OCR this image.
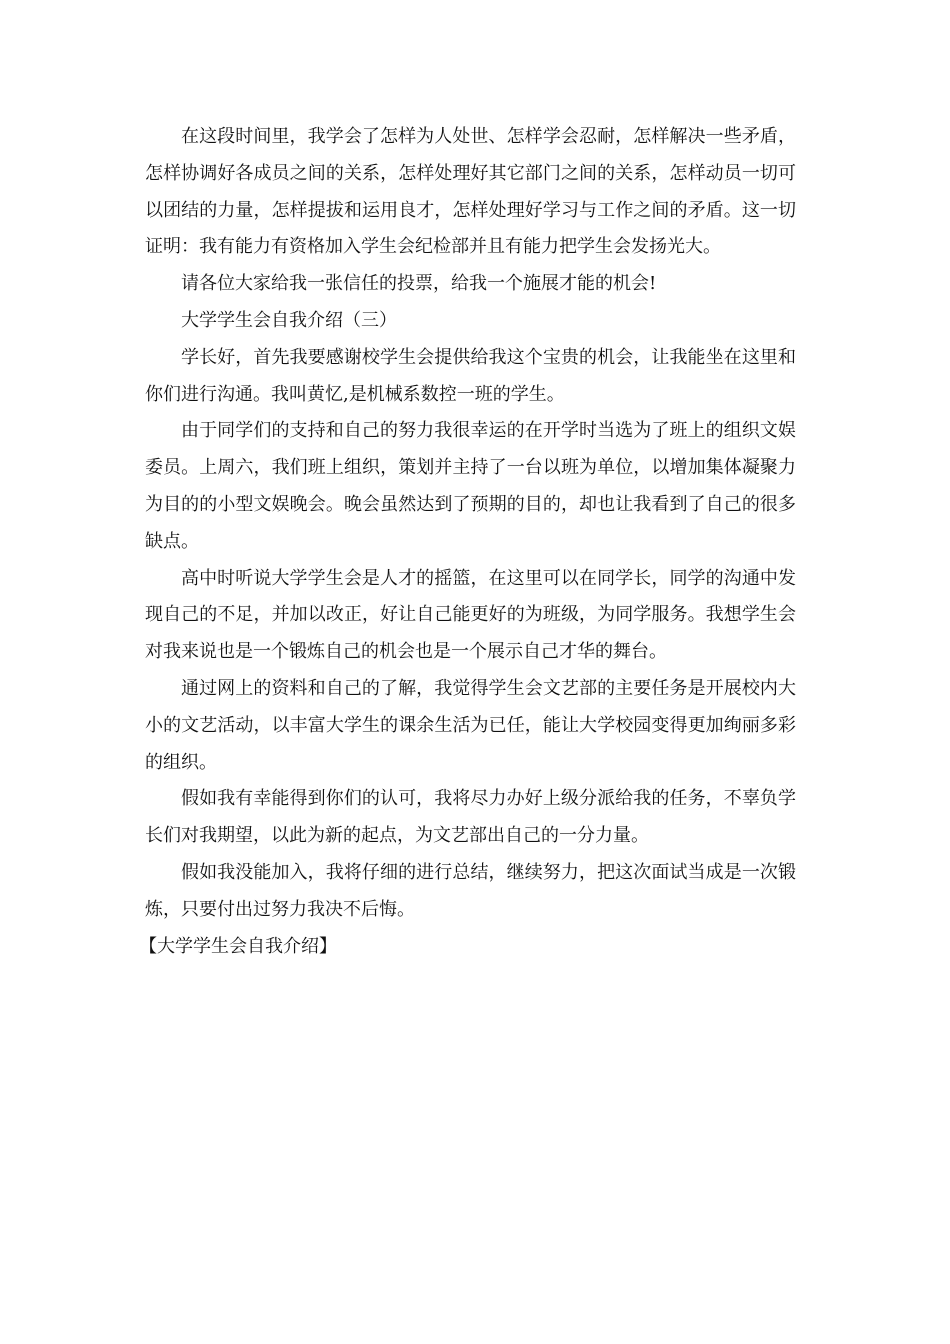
在这段时间里，我学会了怎样为人处世、怎样学会忍耐，怎样解决一些矛盾，怎样协调好各成员之间的关系，怎样处理好其它部门之间的关系，怎样动员一切可以团结的力量，怎样提拔和运用良才，怎样处理好学习与工作之间的矛盾。这一切证明：我有能力有资格加入学生会纪检部并且有能力把学生会发扬光大。

请各位大家给我一张信任的投票，给我一个施展才能的机会!

大学学生会自我介绍（三）

学长好，首先我要感谢校学生会提供给我这个宝贵的机会，让我能坐在这里和你们进行沟通。我叫黄忆,是机械系数控一班的学生。

由于同学们的支持和自己的努力我很幸运的在开学时当选为了班上的组织文娱委员。上周六，我们班上组织，策划并主持了一台以班为单位，以增加集体凝聚力为目的的小型文娱晚会。晚会虽然达到了预期的目的，却也让我看到了自己的很多缺点。

高中时听说大学学生会是人才的摇篮，在这里可以在同学长，同学的沟通中发现自己的不足，并加以改正，好让自己能更好的为班级，为同学服务。我想学生会对我来说也是一个锻炼自己的机会也是一个展示自己才华的舞台。

通过网上的资料和自己的了解，我觉得学生会文艺部的主要任务是开展校内大小的文艺活动，以丰富大学生的课余生活为已任，能让大学校园变得更加绚丽多彩的组织。

假如我有幸能得到你们的认可，我将尽力办好上级分派给我的任务，不辜负学长们对我期望，以此为新的起点，为文艺部出自己的一分力量。

假如我没能加入，我将仔细的进行总结，继续努力，把这次面试当成是一次锻炼，只要付出过努力我决不后悔。

【大学学生会自我介绍】
